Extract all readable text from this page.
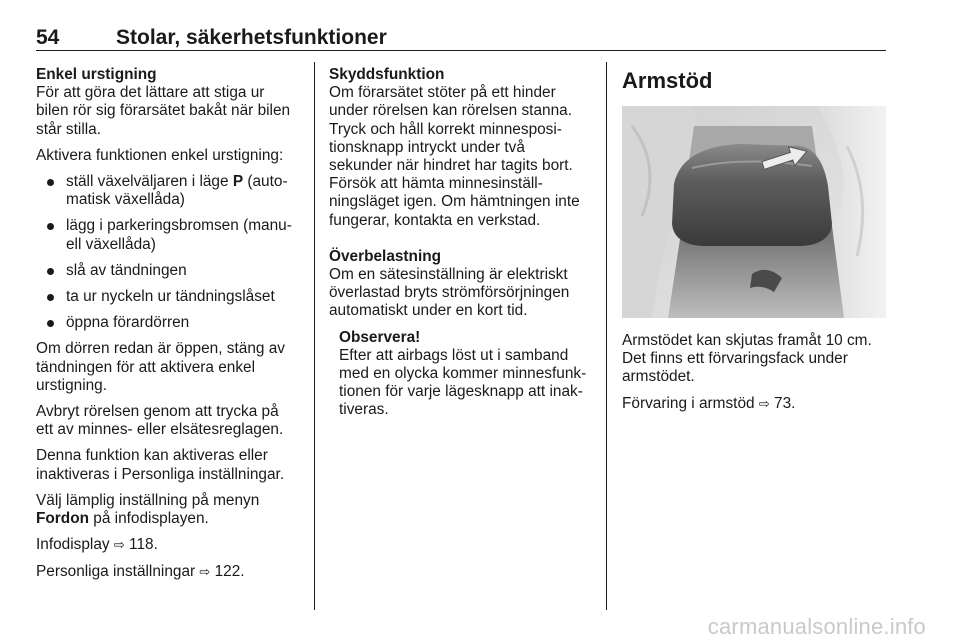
54	Stolar, säkerhetsfunktioner

Enkel urstigning

För att göra det lättare att stiga ur bilen rör sig förarsätet bakåt när bilen står stilla.

Aktivera funktionen enkel urstigning:

ställ växelväljaren i läge P (auto-matisk växellåda)
lägg i parkeringsbromsen (manu-ell växellåda)
slå av tändningen
ta ur nyckeln ur tändningslåset
öppna förardörren

Om dörren redan är öppen, stäng av tändningen för att aktivera enkel urstigning.

Avbryt rörelsen genom att trycka på ett av minnes- eller elsätesreglagen.

Denna funktion kan aktiveras eller inaktiveras i Personliga inställningar.

Välj lämplig inställning på menyn Fordon på infodisplayen.

Infodisplay ⇨ 118.

Personliga inställningar ⇨ 122.

Skyddsfunktion

Om förarsätet stöter på ett hinder under rörelsen kan rörelsen stanna. Tryck och håll korrekt minnesposi-tionsknapp intryckt under två sekunder när hindret har tagits bort. Försök att hämta minnesinställ-ningsläget igen. Om hämtningen inte fungerar, kontakta en verkstad.

Överbelastning

Om en sätesinställning är elektriskt överlastad bryts strömförsörjningen automatiskt under en kort tid.

Observera!
Efter att airbags löst ut i samband med en olycka kommer minnesfunk-tionen för varje lägesknapp att inak-tiveras.
Armstöd

Armstödet kan skjutas framåt 10 cm. Det finns ett förvaringsfack under armstödet.

Förvaring i armstöd ⇨ 73.

carmanualsonline.info
